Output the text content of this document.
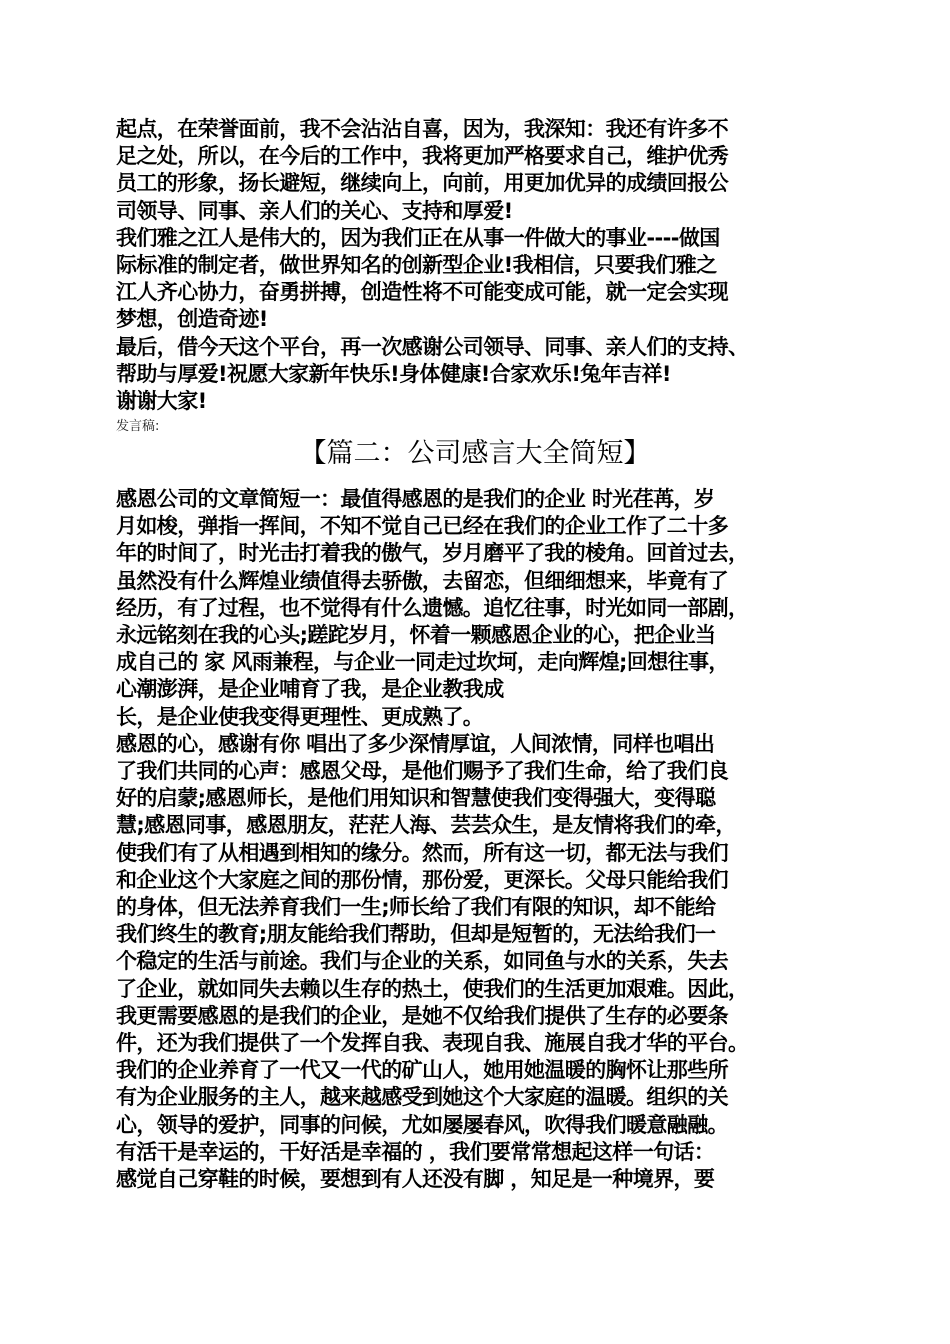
起点，在荣誉面前，我不会沾沾自喜，因为，我深知：我还有许多不
足之处，所以，在今后的工作中，我将更加严格要求自己，维护优秀
员工的形象，扬长避短，继续向上，向前，用更加优异的成绩回报公
司领导、同事、亲人们的关心、支持和厚爱!
我们雅之江人是伟大的，因为我们正在从事一件做大的事业----做国
际标准的制定者，做世界知名的创新型企业!我相信，只要我们雅之
江人齐心协力，奋勇拼搏，创造性将不可能变成可能，就一定会实现
梦想，创造奇迹!
最后，借今天这个平台，再一次感谢公司领导、同事、亲人们的支持、
帮助与厚爱!祝愿大家新年快乐!身体健康!合家欢乐!兔年吉祥!
谢谢大家!
发言稿:
【篇二：公司感言大全简短】
感恩公司的文章简短一：最值得感恩的是我们的企业 时光荏苒，岁
月如梭，弹指一挥间，不知不觉自己已经在我们的企业工作了二十多
年的时间了，时光击打着我的傲气，岁月磨平了我的棱角。回首过去，
虽然没有什么辉煌业绩值得去骄傲，去留恋，但细细想来，毕竟有了
经历，有了过程，也不觉得有什么遗憾。追忆往事，时光如同一部剧，
永远铭刻在我的心头;蹉跎岁月，怀着一颗感恩企业的心，把企业当
成自己的 家 风雨兼程，与企业一同走过坎坷，走向辉煌;回想往事，
心潮澎湃，是企业哺育了我，是企业教我成
长，是企业使我变得更理性、更成熟了。
感恩的心，感谢有你 唱出了多少深情厚谊，人间浓情，同样也唱出
了我们共同的心声：感恩父母，是他们赐予了我们生命，给了我们良
好的启蒙;感恩师长，是他们用知识和智慧使我们变得强大，变得聪
慧;感恩同事，感恩朋友，茫茫人海、芸芸众生，是友情将我们的牵，
使我们有了从相遇到相知的缘分。然而，所有这一切，都无法与我们
和企业这个大家庭之间的那份情，那份爱，更深长。父母只能给我们
的身体，但无法养育我们一生;师长给了我们有限的知识，却不能给
我们终生的教育;朋友能给我们帮助，但却是短暂的，无法给我们一
个稳定的生活与前途。我们与企业的关系，如同鱼与水的关系，失去
了企业，就如同失去赖以生存的热土，使我们的生活更加艰难。因此，
我更需要感恩的是我们的企业，是她不仅给我们提供了生存的必要条
件，还为我们提供了一个发挥自我、表现自我、施展自我才华的平台。
我们的企业养育了一代又一代的矿山人，她用她温暖的胸怀让那些所
有为企业服务的主人，越来越感受到她这个大家庭的温暖。组织的关
心，领导的爱护，同事的问候，尤如屡屡春风，吹得我们暖意融融。
有活干是幸运的，干好活是幸福的 ，我们要常常想起这样一句话：
感觉自己穿鞋的时候，要想到有人还没有脚 ，知足是一种境界，要
